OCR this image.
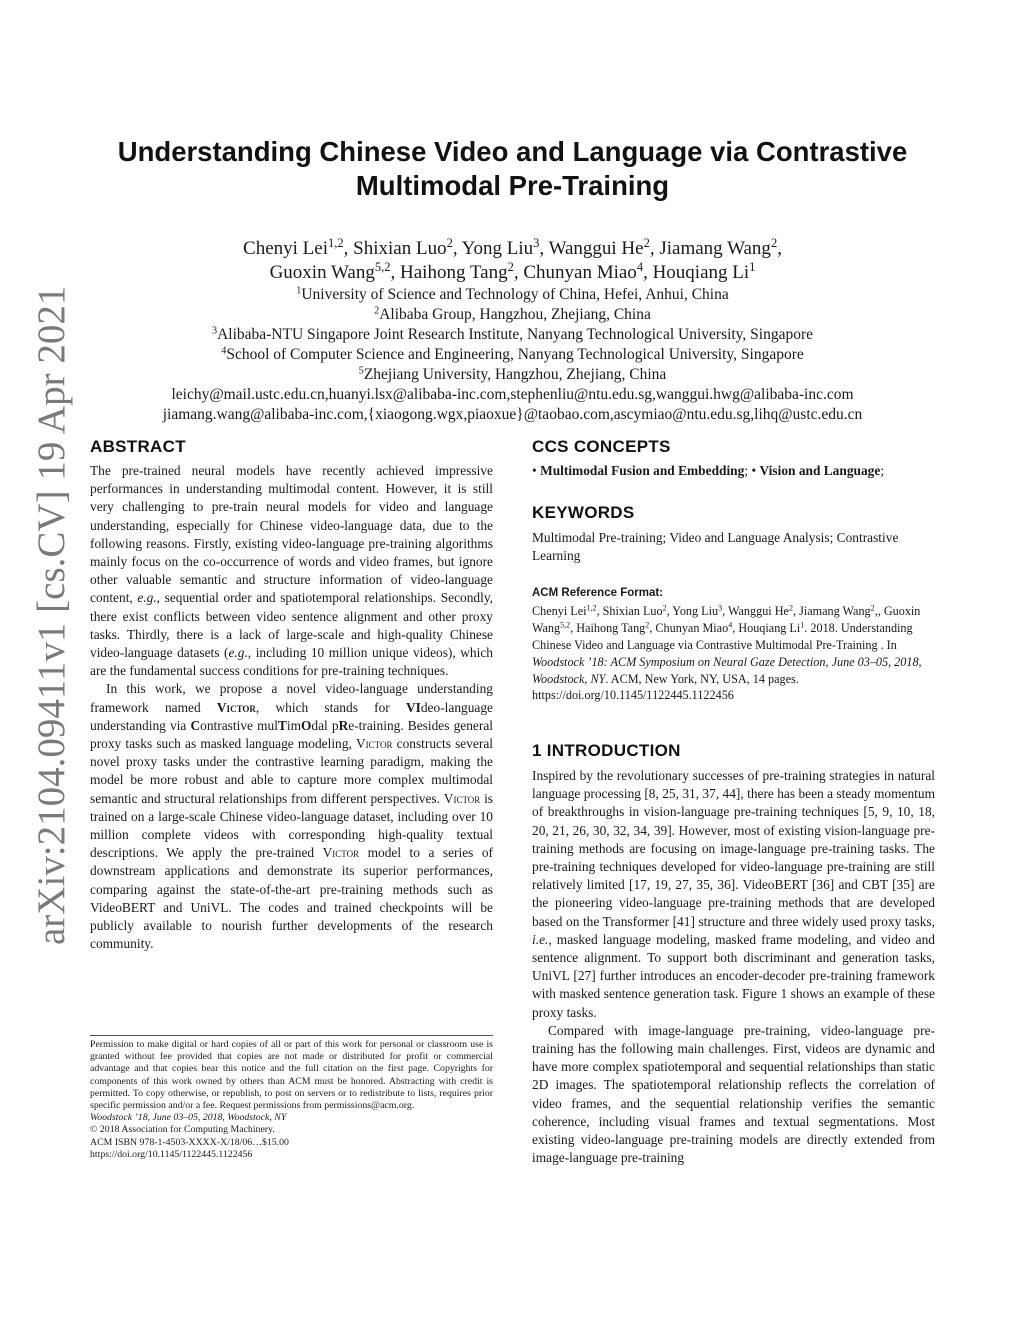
arXiv:2104.09411v1 [cs.CV] 19 Apr 2021
Understanding Chinese Video and Language via Contrastive
Multimodal Pre-Training
Chenyi Lei$^{1,2}$, Shixian Luo$^2$, Yong Liu$^3$, Wanggui He$^2$, Jiamang Wang$^2$,
Guoxin Wang$^{5,2}$, Haihong Tang$^2$, Chunyan Miao$^4$, Houqiang Li$^1$
$^1$University of Science and Technology of China, Hefei, Anhui, China
$^2$Alibaba Group, Hangzhou, Zhejiang, China
$^3$Alibaba-NTU Singapore Joint Research Institute, Nanyang Technological University, Singapore
$^4$School of Computer Science and Engineering, Nanyang Technological University, Singapore
$^5$Zhejiang University, Hangzhou, Zhejiang, China
leichy@mail.ustc.edu.cn,huanyi.lsx@alibaba-inc.com,stephenliu@ntu.edu.sg,wanggui.hwg@alibaba-inc.com
jiamang.wang@alibaba-inc.com,{xiaogong.wgx,piaoxue}@taobao.com,ascymiao@ntu.edu.sg,lihq@ustc.edu.cn
ABSTRACT

The pre-trained neural models have recently achieved impressive performances in understanding multimodal content. However, it is still very challenging to pre-train neural models for video and language understanding, especially for Chinese video-language data, due to the following reasons. Firstly, existing video-language pre-training algorithms mainly focus on the co-occurrence of words and video frames, but ignore other valuable semantic and structure information of video-language content, e.g., sequential order and spatiotemporal relationships. Secondly, there exist conflicts between video sentence alignment and other proxy tasks. Thirdly, there is a lack of large-scale and high-quality Chinese video-language datasets (e.g., including 10 million unique videos), which are the fundamental success conditions for pre-training techniques.

In this work, we propose a novel video-language understanding framework named Victor, which stands for VIdeo-language understanding via Contrastive mulTimOdal pRe-training. Besides general proxy tasks such as masked language modeling, Victor constructs several novel proxy tasks under the contrastive learning paradigm, making the model be more robust and able to capture more complex multimodal semantic and structural relationships from different perspectives. Victor is trained on a large-scale Chinese video-language dataset, including over 10 million complete videos with corresponding high-quality textual descriptions. We apply the pre-trained Victor model to a series of downstream applications and demonstrate its superior performances, comparing against the state-of-the-art pre-training methods such as VideoBERT and UniVL. The codes and trained checkpoints will be publicly available to nourish further developments of the research community.

Permission to make digital or hard copies of all or part of this work for personal or classroom use is granted without fee provided that copies are not made or distributed for profit or commercial advantage and that copies bear this notice and the full citation on the first page. Copyrights for components of this work owned by others than ACM must be honored. Abstracting with credit is permitted. To copy otherwise, or republish, to post on servers or to redistribute to lists, requires prior specific permission and/or a fee. Request permissions from permissions@acm.org.

Woodstock ’18, June 03–05, 2018, Woodstock, NY

© 2018 Association for Computing Machinery.

ACM ISBN 978-1-4503-XXXX-X/18/06…$15.00

https://doi.org/10.1145/1122445.1122456

CCS CONCEPTS

• Multimodal Fusion and Embedding; • Vision and Language;

KEYWORDS

Multimodal Pre-training; Video and Language Analysis; Contrastive Learning

ACM Reference Format:
Chenyi Lei$^{1,2}$, Shixian Luo$^2$, Yong Liu$^3$, Wanggui He$^2$, Jiamang Wang$^2$,, Guoxin Wang$^{5,2}$, Haihong Tang$^2$, Chunyan Miao$^4$, Houqiang Li$^1$. 2018. Understanding Chinese Video and Language via Contrastive Multimodal Pre-Training . In Woodstock ’18: ACM Symposium on Neural Gaze Detection, June 03–05, 2018, Woodstock, NY. ACM, New York, NY, USA, 14 pages. https://doi.org/10.1145/1122445.1122456

1 INTRODUCTION

Inspired by the revolutionary successes of pre-training strategies in natural language processing [8, 25, 31, 37, 44], there has been a steady momentum of breakthroughs in vision-language pre-training techniques [5, 9, 10, 18, 20, 21, 26, 30, 32, 34, 39]. However, most of existing vision-language pre-training methods are focusing on image-language pre-training tasks. The pre-training techniques developed for video-language pre-training are still relatively limited [17, 19, 27, 35, 36]. VideoBERT [36] and CBT [35] are the pioneering video-language pre-training methods that are developed based on the Transformer [41] structure and three widely used proxy tasks, i.e., masked language modeling, masked frame modeling, and video and sentence alignment. To support both discriminant and generation tasks, UniVL [27] further introduces an encoder-decoder pre-training framework with masked sentence generation task. Figure 1 shows an example of these proxy tasks.

Compared with image-language pre-training, video-language pre-training has the following main challenges. First, videos are dynamic and have more complex spatiotemporal and sequential relationships than static 2D images. The spatiotemporal relationship reflects the correlation of video frames, and the sequential relationship verifies the semantic coherence, including visual frames and textual segmentations. Most existing video-language pre-training models are directly extended from image-language pre-training
